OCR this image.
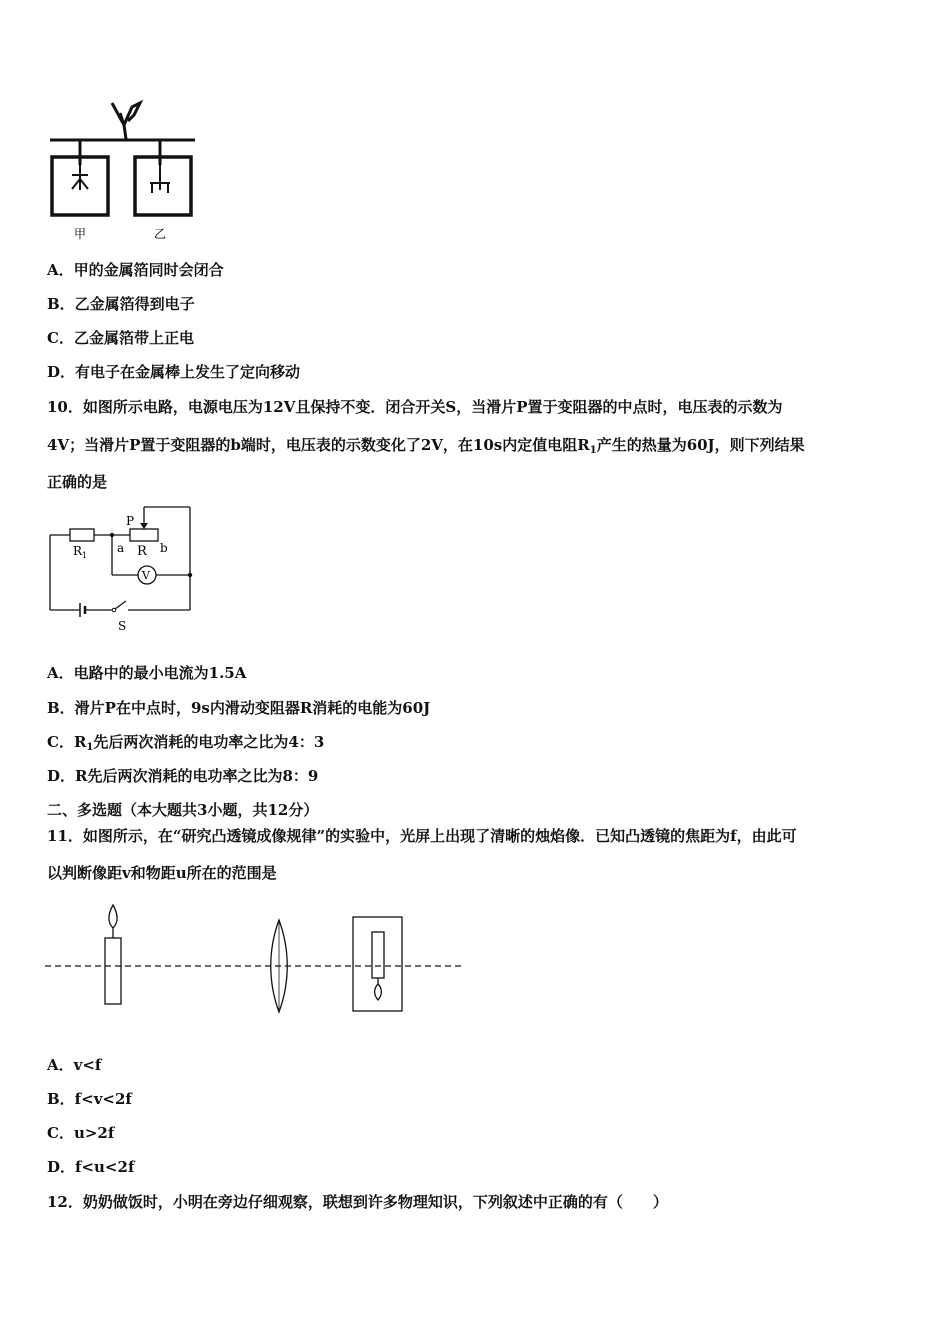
甲	乙
A．甲的金属箔同时会闭合
B．乙金属箔得到电子
C．乙金属箔带上正电
D．有电子在金属棒上发生了定向移动
10．如图所示电路，电源电压为12V且保持不变．闭合开关S，当滑片P置于变阻器的中点时，电压表的示数为
4V；当滑片P置于变阻器的b端时，电压表的示数变化了2V，在10s内定值电阻$R_1$产生的热量为60J，则下列结果
正确的是
P
R 1
a R b
V
S
A．电路中的最小电流为1.5A
B．滑片P在中点时，9s内滑动变阻器R消耗的电能为60J
C．$R_1$先后两次消耗的电功率之比为4：3
D．R先后两次消耗的电功率之比为8：9
二、多选题（本大题共3小题，共12分）
11．如图所示，在“研究凸透镜成像规律”的实验中，光屏上出现了清晰的烛焰像．已知凸透镜的焦距为f，由此可
以判断像距v和物距u所在的范围是
A．v<f
B．f<v<2f
C．u>2f
D．f<u<2f
12．奶奶做饭时，小明在旁边仔细观察，联想到许多物理知识，下列叙述中正确的有（　　）
